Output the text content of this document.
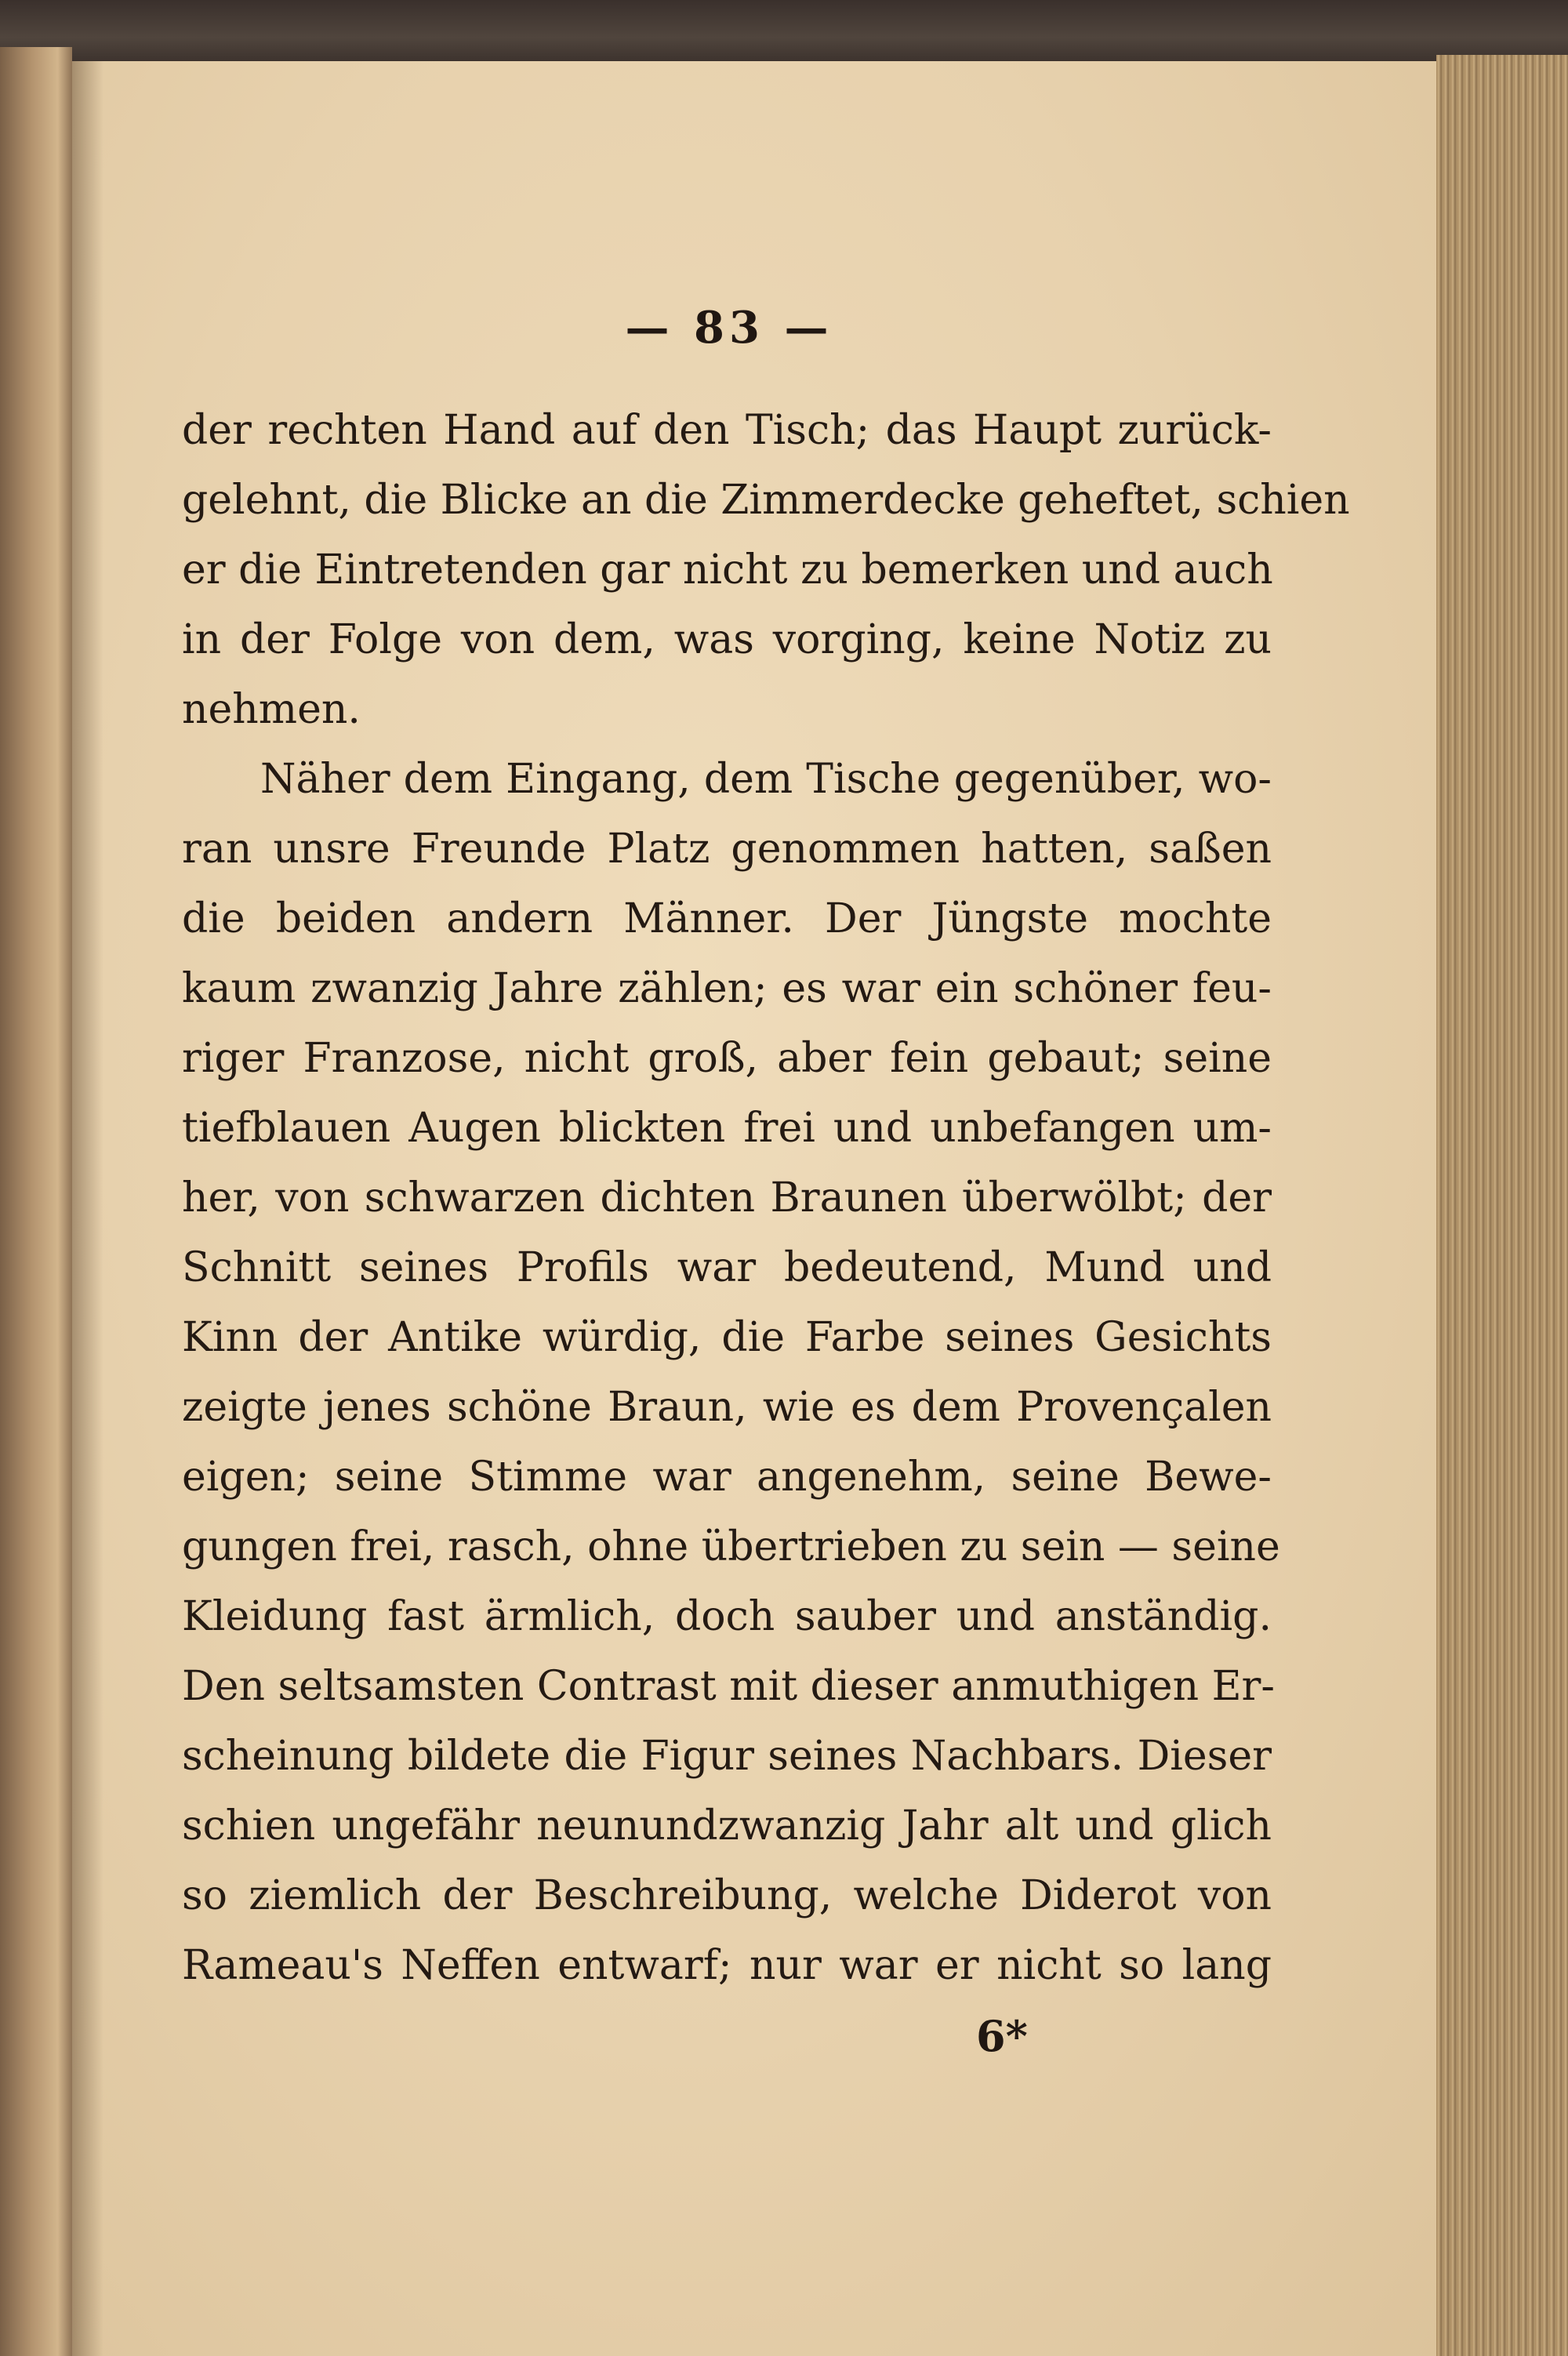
— 83 —
der rechten Hand auf den Tisch; das Haupt zurück-
gelehnt, die Blicke an die Zimmerdecke geheftet, schien
er die Eintretenden gar nicht zu bemerken und auch
in der Folge von dem, was vorging, keine Notiz zu
nehmen.
Näher dem Eingang, dem Tische gegenüber, wo-
ran unsre Freunde Platz genommen hatten, saßen
die beiden andern Männer. Der Jüngste mochte
kaum zwanzig Jahre zählen; es war ein schöner feu-
riger Franzose, nicht groß, aber fein gebaut; seine
tiefblauen Augen blickten frei und unbefangen um-
her, von schwarzen dichten Braunen überwölbt; der
Schnitt seines Profils war bedeutend, Mund und
Kinn der Antike würdig, die Farbe seines Gesichts
zeigte jenes schöne Braun, wie es dem Provençalen
eigen; seine Stimme war angenehm, seine Bewe-
gungen frei, rasch, ohne übertrieben zu sein — seine
Kleidung fast ärmlich, doch sauber und anständig.
Den seltsamsten Contrast mit dieser anmuthigen Er-
scheinung bildete die Figur seines Nachbars. Dieser
schien ungefähr neunundzwanzig Jahr alt und glich
so ziemlich der Beschreibung, welche Diderot von
Rameau's Neffen entwarf; nur war er nicht so lang
6*
